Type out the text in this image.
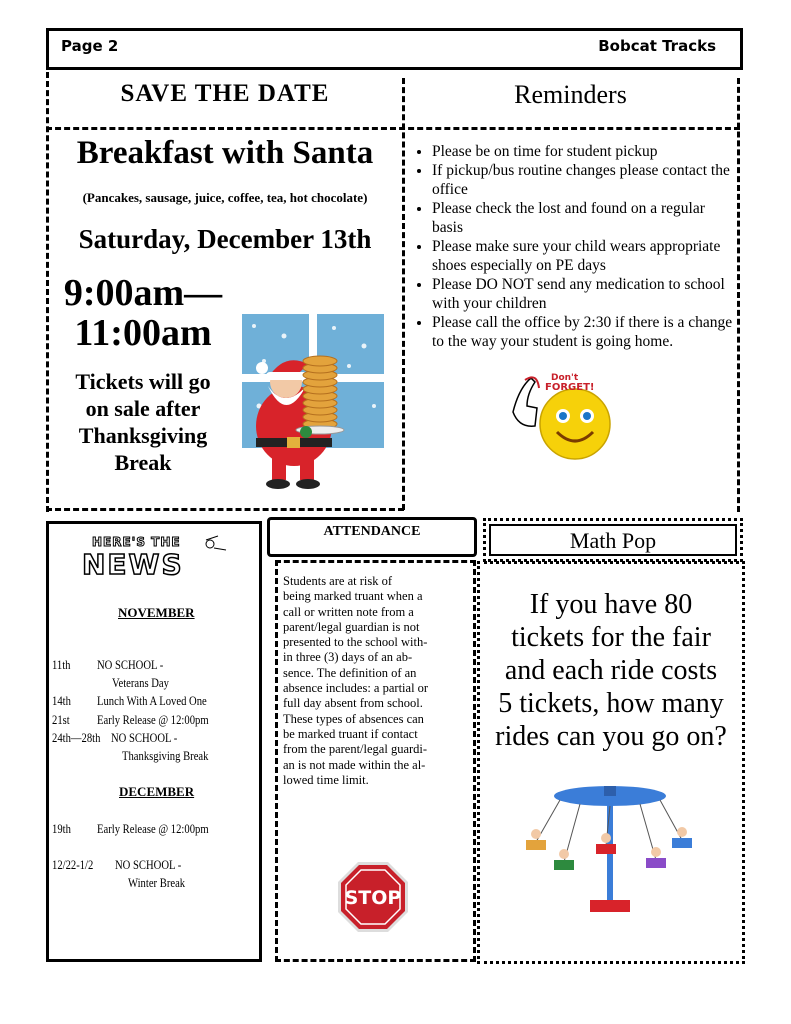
Page 2	Bobcat Tracks
SAVE THE DATE
Breakfast with Santa
(Pancakes, sausage, juice, coffee, tea, hot chocolate)
Saturday, December 13th
9:00am—
11:00am
Tickets will go
on sale after
Thanksgiving
Break
Reminders
• Please be on time for student pickup
• If pickup/bus routine changes please contact the office
• Please check the lost and found on a regular basis
• Please make sure your child wears appropriate shoes especially on PE days
• Please DO NOT send any medication to school with your children
• Please call the office by 2:30 if there is a change to the way your student is going home.
Don't
FORGET!
HERE'S THE
NEWS
NOVEMBER
11th NO SCHOOL -
Veterans Day
14th Lunch With A Loved One
21st Early Release @ 12:00pm
24th—28th NO SCHOOL -
Thanksgiving Break
DECEMBER
19th Early Release @ 12:00pm
12/22-1/2 NO SCHOOL -
Winter Break
ATTENDANCE
Students are at risk of
being marked truant when a
call or written note from a
parent/legal guardian is not
presented to the school with-
in three (3) days of an ab-
sence. The definition of an
absence includes: a partial or
full day absent from school.
These types of absences can
be marked truant if contact
from the parent/legal guardi-
an is not made within the al-
lowed time limit.
STOP
Math Pop
If you have 80
tickets for the fair
and each ride costs
5 tickets, how many
rides can you go on?
